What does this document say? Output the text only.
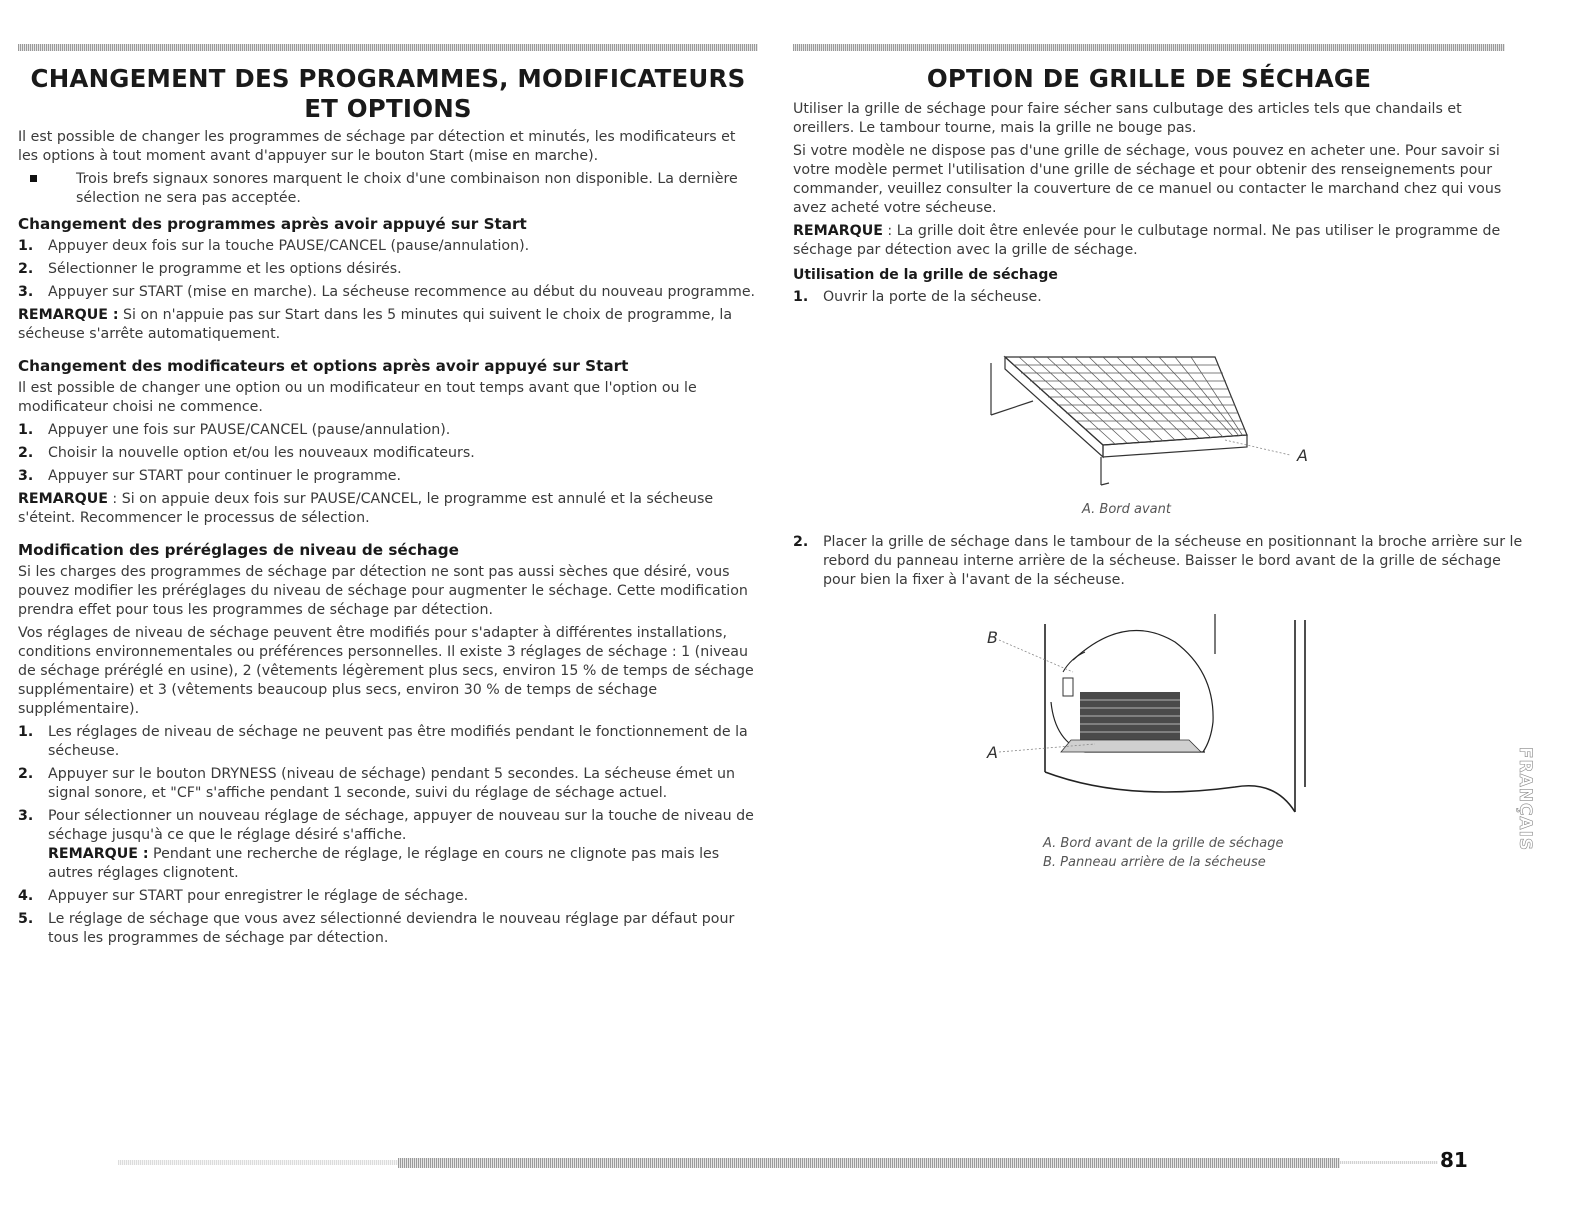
CHANGEMENT DES PROGRAMMES, MODIFICATEURS
ET OPTIONS

Il est possible de changer les programmes de séchage par détection et minutés, les modificateurs et les options à tout moment avant d'appuyer sur le bouton Start (mise en marche).

Trois brefs signaux sonores marquent le choix d'une combinaison non disponible. La dernière sélection ne sera pas acceptée.

Changement des programmes après avoir appuyé sur Start
1. Appuyer deux fois sur la touche PAUSE/CANCEL (pause/annulation).
2. Sélectionner le programme et les options désirés.
3. Appuyer sur START (mise en marche). La sécheuse recommence au début du nouveau programme.

REMARQUE : Si on n'appuie pas sur Start dans les 5 minutes qui suivent le choix de programme, la sécheuse s'arrête automatiquement.

Changement des modificateurs et options après avoir appuyé sur Start

Il est possible de changer une option ou un modificateur en tout temps avant que l'option ou le modificateur choisi ne commence.

1. Appuyer une fois sur PAUSE/CANCEL (pause/annulation).
2. Choisir la nouvelle option et/ou les nouveaux modificateurs.
3. Appuyer sur START pour continuer le programme.

REMARQUE : Si on appuie deux fois sur PAUSE/CANCEL, le programme est annulé et la sécheuse s'éteint. Recommencer le processus de sélection.

Modification des préréglages de niveau de séchage

Si les charges des programmes de séchage par détection ne sont pas aussi sèches que désiré, vous pouvez modifier les préréglages du niveau de séchage pour augmenter le séchage. Cette modification prendra effet pour tous les programmes de séchage par détection.

Vos réglages de niveau de séchage peuvent être modifiés pour s'adapter à différentes installations, conditions environnementales ou préférences personnelles. Il existe 3 réglages de séchage : 1 (niveau de séchage préréglé en usine), 2 (vêtements légèrement plus secs, environ 15 % de temps de séchage supplémentaire) et 3 (vêtements beaucoup plus secs, environ 30 % de temps de séchage supplémentaire).

1. Les réglages de niveau de séchage ne peuvent pas être modifiés pendant le fonctionnement de la sécheuse.
2. Appuyer sur le bouton DRYNESS (niveau de séchage) pendant 5 secondes. La sécheuse émet un signal sonore, et "CF" s'affiche pendant 1 seconde, suivi du réglage de séchage actuel.
3. Pour sélectionner un nouveau réglage de séchage, appuyer de nouveau sur la touche de niveau de séchage jusqu'à ce que le réglage désiré s'affiche.
REMARQUE : Pendant une recherche de réglage, le réglage en cours ne clignote pas mais les autres réglages clignotent.
4. Appuyer sur START pour enregistrer le réglage de séchage.
5. Le réglage de séchage que vous avez sélectionné deviendra le nouveau réglage par défaut pour tous les programmes de séchage par détection.
OPTION DE GRILLE DE SÉCHAGE

Utiliser la grille de séchage pour faire sécher sans culbutage des articles tels que chandails et oreillers. Le tambour tourne, mais la grille ne bouge pas.

Si votre modèle ne dispose pas d'une grille de séchage, vous pouvez en acheter une. Pour savoir si votre modèle permet l'utilisation d'une grille de séchage et pour obtenir des renseignements pour commander, veuillez consulter la couverture de ce manuel ou contacter le marchand chez qui vous avez acheté votre sécheuse.

REMARQUE : La grille doit être enlevée pour le culbutage normal. Ne pas utiliser le programme de séchage par détection avec la grille de séchage.

Utilisation de la grille de séchage
1. Ouvrir la porte de la sécheuse.
A
A. Bord avant
2. Placer la grille de séchage dans le tambour de la sécheuse en positionnant la broche arrière sur le rebord du panneau interne arrière de la sécheuse. Baisser le bord avant de la grille de séchage pour bien la fixer à l'avant de la sécheuse.
B
A
A. Bord avant de la grille de séchage
B. Panneau arrière de la sécheuse
FRANÇAIS
81
